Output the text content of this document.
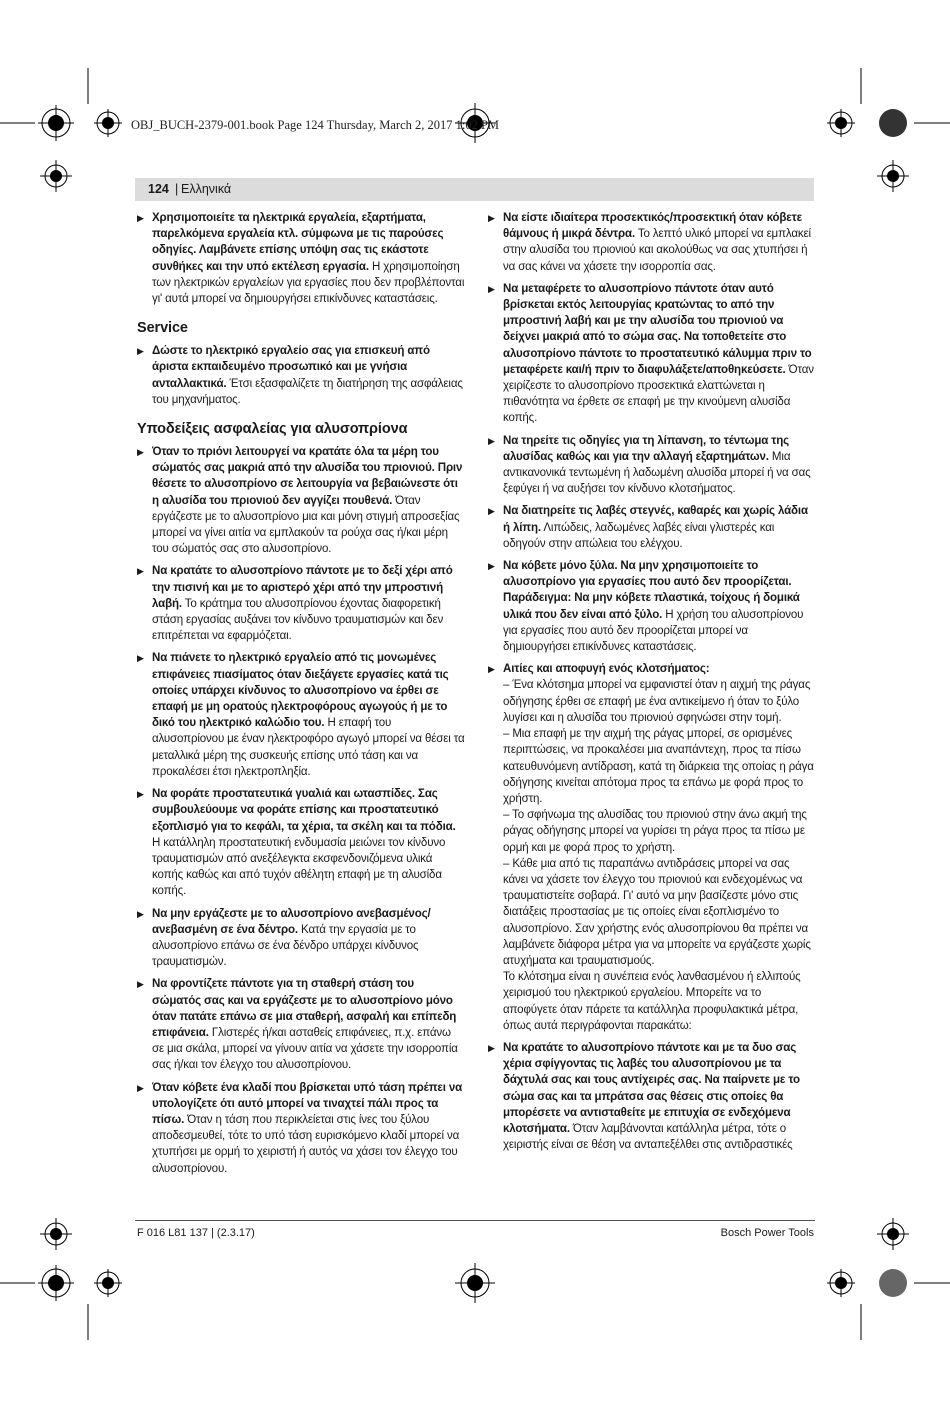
OBJ_BUCH-2379-001.book Page 124 Thursday, March 2, 2017 1:02 PM
124 | Ελληνικά
▶ Χρησιμοποιείτε τα ηλεκτρικά εργαλεία, εξαρτήματα, παρελκόμενα εργαλεία κτλ. σύμφωνα με τις παρούσες οδηγίες. Λαμβάνετε επίσης υπόψη σας τις εκάστοτε συνθήκες και την υπό εκτέλεση εργασία. Η χρησιμοποίηση των ηλεκτρικών εργαλείων για εργασίες που δεν προβλέπονται γι' αυτά μπορεί να δημιουργήσει επικίνδυνες καταστάσεις.
Service
▶ Δώστε το ηλεκτρικό εργαλείο σας για επισκευή από άριστα εκπαιδευμένο προσωπικό και με γνήσια ανταλλακτικά. Έτσι εξασφαλίζετε τη διατήρηση της ασφάλειας του μηχανήματος.
Υποδείξεις ασφαλείας για αλυσοπρίονα
▶ Όταν το πριόνι λειτουργεί να κρατάτε όλα τα μέρη του σώματός σας μακριά από την αλυσίδα του πριονιού. Πριν θέσετε το αλυσοπρίονο σε λειτουργία να βεβαιώνεστε ότι η αλυσίδα του πριονιού δεν αγγίζει πουθενά. Όταν εργάζεστε με το αλυσοπρίονο μια και μόνη στιγμή απροσεξίας μπορεί να γίνει αιτία να εμπλακούν τα ρούχα σας ή/και μέρη του σώματός σας στο αλυσοπρίονο.
▶ Να κρατάτε το αλυσοπρίονο πάντοτε με το δεξί χέρι από την πισινή και με το αριστερό χέρι από την μπροστινή λαβή. Το κράτημα του αλυσοπρίονου έχοντας διαφορετική στάση εργασίας αυξάνει τον κίνδυνο τραυματισμών και δεν επιτρέπεται να εφαρμόζεται.
▶ Να πιάνετε το ηλεκτρικό εργαλείο από τις μονωμένες επιφάνειες πιασίματος όταν διεξάγετε εργασίες κατά τις οποίες υπάρχει κίνδυνος το αλυσοπρίονο να έρθει σε επαφή με μη ορατούς ηλεκτροφόρους αγωγούς ή με το δικό του ηλεκτρικό καλώδιο του. Η επαφή του αλυσοπρίονου με έναν ηλεκτροφόρο αγωγό μπορεί να θέσει τα μεταλλικά μέρη της συσκευής επίσης υπό τάση και να προκαλέσει έτσι ηλεκτροπληξία.
▶ Να φοράτε προστατευτικά γυαλιά και ωτασπίδες. Σας συμβουλεύουμε να φοράτε επίσης και προστατευτικό εξοπλισμό για το κεφάλι, τα χέρια, τα σκέλη και τα πόδια. Η κατάλληλη προστατευτική ενδυμασία μειώνει τον κίνδυνο τραυματισμών από ανεξέλεγκτα εκσφενδονιζόμενα υλικά κοπής καθώς και από τυχόν αθέλητη επαφή με τη αλυσίδα κοπής.
▶ Να μην εργάζεστε με το αλυσοπρίονο ανεβασμένος/ανεβασμένη σε ένα δέντρο. Κατά την εργασία με το αλυσοπρίονο επάνω σε ένα δένδρο υπάρχει κίνδυνος τραυματισμών.
▶ Να φροντίζετε πάντοτε για τη σταθερή στάση του σώματός σας και να εργάζεστε με το αλυσοπρίονο μόνο όταν πατάτε επάνω σε μια σταθερή, ασφαλή και επίπεδη επιφάνεια. Γλιστερές ή/και ασταθείς επιφάνειες, π.χ. επάνω σε μια σκάλα, μπορεί να γίνουν αιτία να χάσετε την ισορροπία σας ή/και τον έλεγχο του αλυσοπρίονου.
▶ Όταν κόβετε ένα κλαδί που βρίσκεται υπό τάση πρέπει να υπολογίζετε ότι αυτό μπορεί να τιναχτεί πάλι προς τα πίσω. Όταν η τάση που περικλείεται στις ίνες του ξύλου αποδεσμευθεί, τότε το υπό τάση ευρισκόμενο κλαδί μπορεί να χτυπήσει με ορμή το χειριστή ή αυτός να χάσει τον έλεγχο του αλυσοπρίονου.
▶ Να είστε ιδιαίτερα προσεκτικός/προσεκτική όταν κόβετε θάμνους ή μικρά δέντρα. Το λεπτό υλικό μπορεί να εμπλακεί στην αλυσίδα του πριονιού και ακολούθως να σας χτυπήσει ή να σας κάνει να χάσετε την ισορροπία σας.
▶ Να μεταφέρετε το αλυσοπρίονο πάντοτε όταν αυτό βρίσκεται εκτός λειτουργίας κρατώντας το από την μπροστινή λαβή και με την αλυσίδα του πριονιού να δείχνει μακριά από το σώμα σας. Να τοποθετείτε στο αλυσοπρίονο πάντοτε το προστατευτικό κάλυμμα πριν το μεταφέρετε και/ή πριν το διαφυλάξετε/αποθηκεύσετε. Όταν χειρίζεστε το αλυσοπρίονο προσεκτικά ελαττώνεται η πιθανότητα να έρθετε σε επαφή με την κινούμενη αλυσίδα κοπής.
▶ Να τηρείτε τις οδηγίες για τη λίπανση, το τέντωμα της αλυσίδας καθώς και για την αλλαγή εξαρτημάτων. Μια αντικανονικά τεντωμένη ή λαδωμένη αλυσίδα μπορεί ή να σας ξεφύγει ή να αυξήσει τον κίνδυνο κλοτσήματος.
▶ Να διατηρείτε τις λαβές στεγνές, καθαρές και χωρίς λάδια ή λίπη. Λιπώδεις, λαδωμένες λαβές είναι γλιστερές και οδηγούν στην απώλεια του ελέγχου.
▶ Να κόβετε μόνο ξύλα. Να μην χρησιμοποιείτε το αλυσοπρίονο για εργασίες που αυτό δεν προορίζεται. Παράδειγμα: Να μην κόβετε πλαστικά, τοίχους ή δομικά υλικά που δεν είναι από ξύλο. Η χρήση του αλυσοπρίονου για εργασίες που αυτό δεν προορίζεται μπορεί να δημιουργήσει επικίνδυνες καταστάσεις.
▶ Αιτίες και αποφυγή ενός κλοτσήματος:

– Ένα κλότσημα μπορεί να εμφανιστεί όταν η αιχμή της ράγας οδήγησης έρθει σε επαφή με ένα αντικείμενο ή όταν το ξύλο λυγίσει και η αλυσίδα του πριονιού σφηνώσει στην τομή.

– Μια επαφή με την αιχμή της ράγας μπορεί, σε ορισμένες περιπτώσεις, να προκαλέσει μια αναπάντεχη, προς τα πίσω κατευθυνόμενη αντίδραση, κατά τη διάρκεια της οποίας η ράγα οδήγησης κινείται απότομα προς τα επάνω με φορά προς το χρήστη.

– Το σφήνωμα της αλυσίδας του πριονιού στην άνω ακμή της ράγας οδήγησης μπορεί να γυρίσει τη ράγα προς τα πίσω με ορμή και με φορά προς το χρήστη.

– Κάθε μια από τις παραπάνω αντιδράσεις μπορεί να σας κάνει να χάσετε τον έλεγχο του πριονιού και ενδεχομένως να τραυματιστείτε σοβαρά. Γι' αυτό να μην βασίζεστε μόνο στις διατάξεις προστασίας με τις οποίες είναι εξοπλισμένο το αλυσοπρίονο. Σαν χρήστης ενός αλυσοπρίονου θα πρέπει να λαμβάνετε διάφορα μέτρα για να μπορείτε να εργάζεστε χωρίς ατυχήματα και τραυματισμούς.

Το κλότσημα είναι η συνέπεια ενός λανθασμένου ή ελλιπούς χειρισμού του ηλεκτρικού εργαλείου. Μπορείτε να το αποφύγετε όταν πάρετε τα κατάλληλα προφυλακτικά μέτρα, όπως αυτά περιγράφονται παρακάτω:

▶ Να κρατάτε το αλυσοπρίονο πάντοτε και με τα δυο σας χέρια σφίγγοντας τις λαβές του αλυσοπρίονου με τα δάχτυλά σας και τους αντίχειρές σας. Να παίρνετε με το σώμα σας και τα μπράτσα σας θέσεις στις οποίες θα μπορέσετε να αντισταθείτε με επιτυχία σε ενδεχόμενα κλοτσήματα. Όταν λαμβάνονται κατάλληλα μέτρα, τότε ο χειριστής είναι σε θέση να ανταπεξέλθει στις αντιδραστικές
F 016 L81 137 | (2.3.17)	Bosch Power Tools
